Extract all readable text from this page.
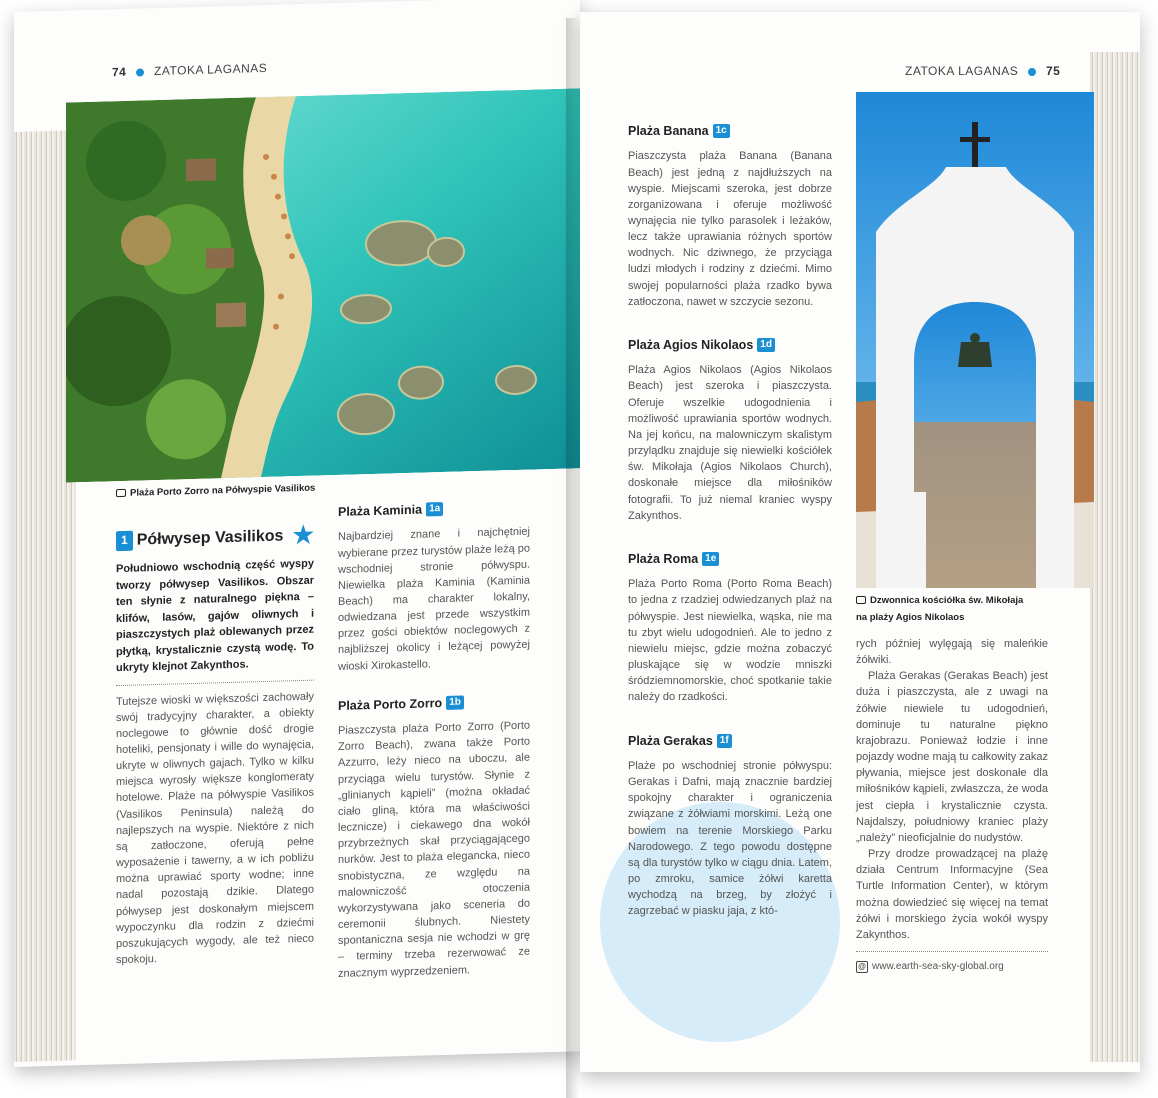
74 ZATOKA LAGANAS
Plaża Porto Zorro na Półwyspie Vasilikos
1 Półwysep Vasilikos ★

Południowo wschodnią część wyspy tworzy półwysep Vasilikos. Obszar ten słynie z naturalnego piękna – klifów, lasów, gajów oliwnych i piaszczystych plaż oblewanych przez płytką, krystalicznie czystą wodę. To ukryty klejnot Zakynthos.

Tutejsze wioski w większości zachowały swój tradycyjny charakter, a obiekty noclegowe to głównie dość drogie hoteliki, pensjonaty i wille do wynajęcia, ukryte w oliwnych gajach. Tylko w kilku miejsca wyrosły większe konglomeraty hotelowe. Plaże na półwyspie Vasilikos (Vasilikos Peninsula) należą do najlepszych na wyspie. Niektóre z nich są zatłoczone, oferują pełne wyposażenie i tawerny, a w ich pobliżu można uprawiać sporty wodne; inne nadal pozostają dzikie. Dlatego półwysep jest doskonałym miejscem wypoczynku dla rodzin z dziećmi poszukujących wygody, ale też nieco spokoju.

Plaża Kaminia 1a

Najbardziej znane i najchętniej wybierane przez turystów plaże leżą po wschodniej stronie półwyspu. Niewielka plaża Kaminia (Kaminia Beach) ma charakter lokalny, odwiedzana jest przede wszystkim przez gości obiektów noclegowych z najbliższej okolicy i leżącej powyżej wioski Xirokastello.

Plaża Porto Zorro 1b

Piaszczysta plaża Porto Zorro (Porto Zorro Beach), zwana także Porto Azzurro, leży nieco na uboczu, ale przyciąga wielu turystów. Słynie z „glinianych kąpieli” (można okładać ciało gliną, która ma właściwości lecznicze) i ciekawego dna wokół przybrzeżnych skał przyciągającego nurków. Jest to plaża elegancka, nieco snobistyczna, ze względu na malowniczość otoczenia wykorzystywana jako sceneria do ceremonii ślubnych. Niestety spontaniczna sesja nie wchodzi w grę – terminy trzeba rezerwować ze znacznym wyprzedzeniem.

ZATOKA LAGANAS 75
Dzwonnica kościółka św. Mikołaja
na plaży Agios Nikolaos
Plaża Banana 1c

Piaszczysta plaża Banana (Banana Beach) jest jedną z najdłuższych na wyspie. Miejscami szeroka, jest dobrze zorganizowana i oferuje możliwość wynajęcia nie tylko parasolek i leżaków, lecz także uprawiania różnych sportów wodnych. Nic dziwnego, że przyciąga ludzi młodych i rodziny z dziećmi. Mimo swojej popularności plaża rzadko bywa zatłoczona, nawet w szczycie sezonu.

Plaża Agios Nikolaos 1d

Plaża Agios Nikolaos (Agios Nikolaos Beach) jest szeroka i piaszczysta. Oferuje wszelkie udogodnienia i możliwość uprawiania sportów wodnych. Na jej końcu, na malowniczym skalistym przylądku znajduje się niewielki kościółek św. Mikołaja (Agios Nikolaos Church), doskonałe miejsce dla miłośników fotografii. To już niemal kraniec wyspy Zakynthos.

Plaża Roma 1e

Plaża Porto Roma (Porto Roma Beach) to jedna z rzadziej odwiedzanych plaż na półwyspie. Jest niewielka, wąska, nie ma tu zbyt wielu udogodnień. Ale to jedno z niewielu miejsc, gdzie można zobaczyć pluskające się w wodzie mniszki śródziemnomorskie, choć spotkanie takie należy do rzadkości.

Plaża Gerakas 1f

Plaże po wschodniej stronie półwyspu: Gerakas i Dafni, mają znacznie bardziej spokojny charakter i ograniczenia związane z żółwiami morskimi. Leżą one bowiem na terenie Morskiego Parku Narodowego. Z tego powodu dostępne są dla turystów tylko w ciągu dnia. Latem, po zmroku, samice żółwi karetta wychodzą na brzeg, by złożyć i zagrzebać w piasku jaja, z któ-

rych później wylęgają się maleńkie żółwiki.

Plaża Gerakas (Gerakas Beach) jest duża i piaszczysta, ale z uwagi na żółwie niewiele tu udogodnień, dominuje tu naturalne piękno krajobrazu. Ponieważ łodzie i inne pojazdy wodne mają tu całkowity zakaz pływania, miejsce jest doskonałe dla miłośników kąpieli, zwłaszcza, że woda jest ciepła i krystalicznie czysta. Najdalszy, południowy kraniec plaży „należy” nieoficjalnie do nudystów.

Przy drodze prowadzącej na plażę działa Centrum Informacyjne (Sea Turtle Information Center), w którym można dowiedzieć się więcej na temat żółwi i morskiego życia wokół wyspy Zakynthos.

@ www.earth-sea-sky-global.org
